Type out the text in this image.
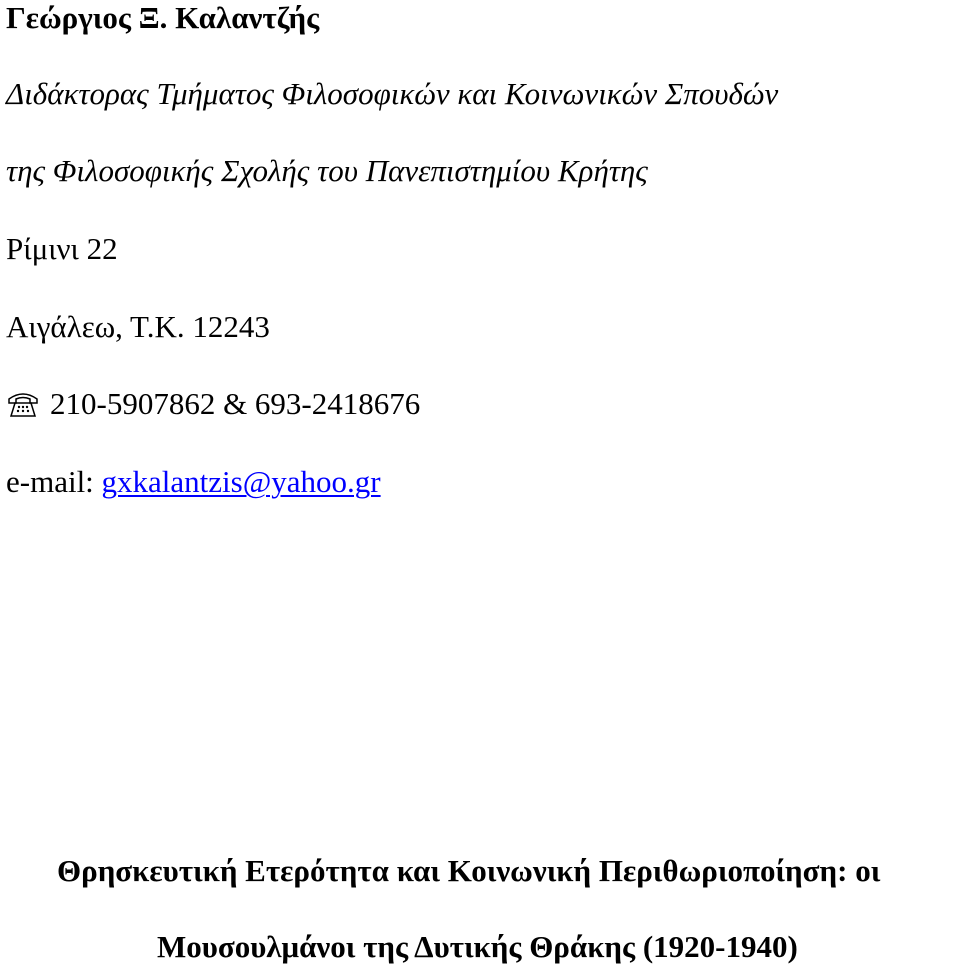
Γεώργιος Ξ. Καλαντζής
Διδάκτορας Τμήματος Φιλοσοφικών και Κοινωνικών Σπουδών
της Φιλοσοφικής Σχολής του Πανεπιστημίου Κρήτης
Ρίμινι 22
Αιγάλεω, Τ.Κ. 12243
210-5907862 & 693-2418676
e-mail: gxkalantzis@yahoo.gr
Θρησκευτική Ετερότητα και Κοινωνική Περιθωριοποίηση: οι
Μουσουλμάνοι της Δυτικής Θράκης (1920-1940)
